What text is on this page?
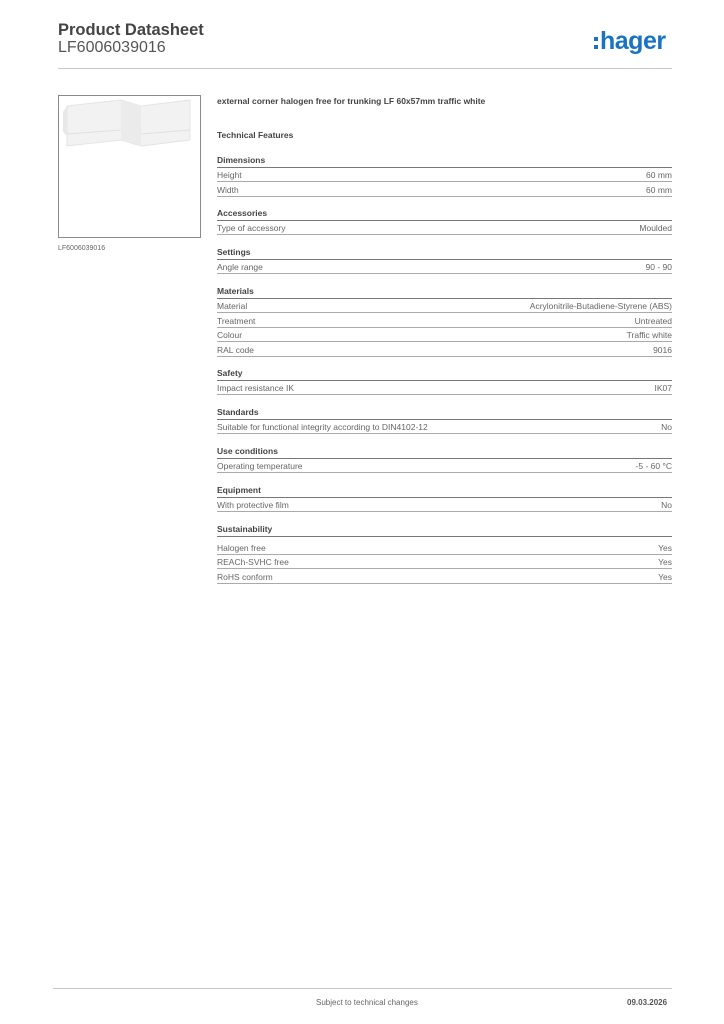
Product Datasheet
LF6006039016	hager
LF6006039016
external corner halogen free for trunking LF 60x57mm traffic white
Technical Features
Dimensions
Height	60 mm
Width	60 mm
Accessories
Type of accessory	Moulded
Settings
Angle range	90 - 90
Materials
Material	Acrylonitrile-Butadiene-Styrene (ABS)
Treatment	Untreated
Colour	Traffic white
RAL code	9016
Safety
Impact resistance IK	IK07
Standards
Suitable for functional integrity according to DIN4102-12	No
Use conditions
Operating temperature	-5 - 60 °C
Equipment
With protective film	No
Sustainability
Halogen free	Yes
REACh-SVHC free	Yes
RoHS conform	Yes
Subject to technical changes	09.03.2026
